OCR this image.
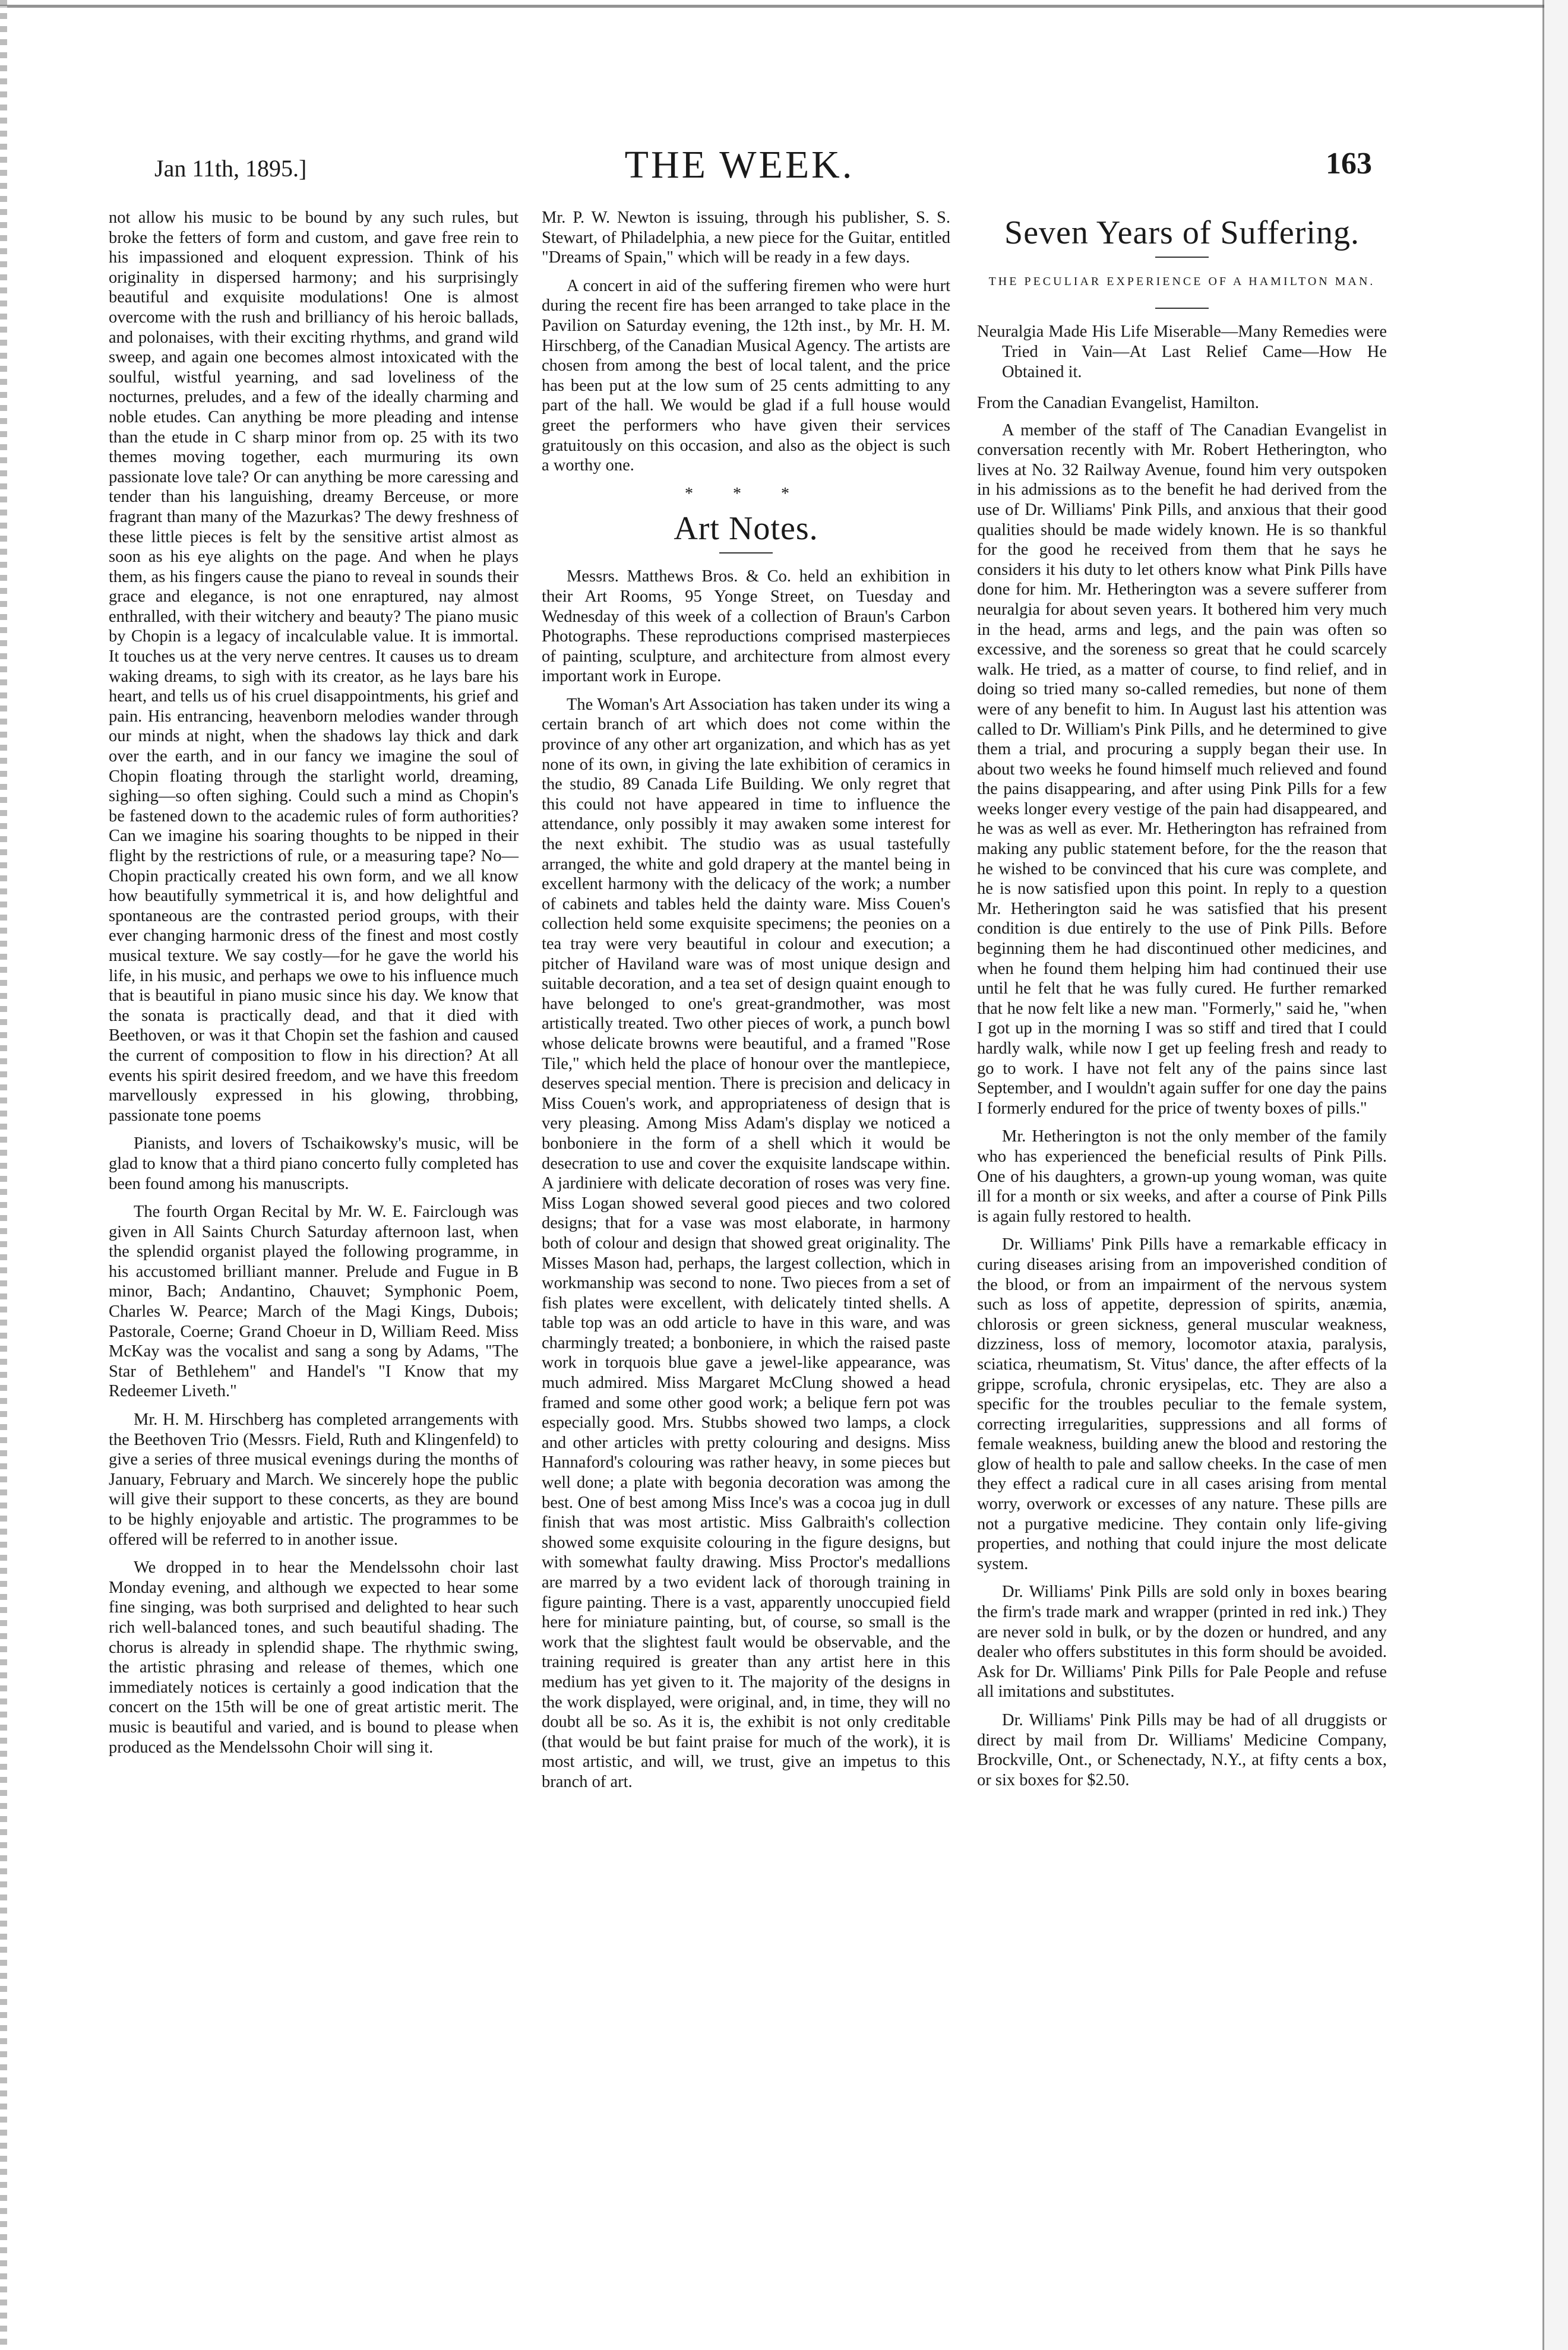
Jan 11th, 1895.]	THE WEEK.	163

not allow his music to be bound by any such rules, but broke the fetters of form and custom, and gave free rein to his impassioned and eloquent expression. Think of his originality in dispersed harmony; and his surprisingly beautiful and exquisite modulations! One is almost overcome with the rush and brilliancy of his heroic ballads, and polonaises, with their exciting rhythms, and grand wild sweep, and again one becomes almost intoxicated with the soulful, wistful yearning, and sad loveliness of the nocturnes, preludes, and a few of the ideally charming and noble etudes. Can anything be more pleading and intense than the etude in C sharp minor from op. 25 with its two themes moving together, each murmuring its own passionate love tale? Or can anything be more caressing and tender than his languishing, dreamy Berceuse, or more fragrant than many of the Mazurkas? The dewy freshness of these little pieces is felt by the sensitive artist almost as soon as his eye alights on the page. And when he plays them, as his fingers cause the piano to reveal in sounds their grace and elegance, is not one enraptured, nay almost enthralled, with their witchery and beauty? The piano music by Chopin is a legacy of incalculable value. It is immortal. It touches us at the very nerve centres. It causes us to dream waking dreams, to sigh with its creator, as he lays bare his heart, and tells us of his cruel disappointments, his grief and pain. His entrancing, heavenborn melodies wander through our minds at night, when the shadows lay thick and dark over the earth, and in our fancy we imagine the soul of Chopin floating through the starlight world, dreaming, sighing—so often sighing. Could such a mind as Chopin's be fastened down to the academic rules of form authorities? Can we imagine his soaring thoughts to be nipped in their flight by the restrictions of rule, or a measuring tape? No—Chopin practically created his own form, and we all know how beautifully symmetrical it is, and how delightful and spontaneous are the contrasted period groups, with their ever changing harmonic dress of the finest and most costly musical texture. We say costly—for he gave the world his life, in his music, and perhaps we owe to his influence much that is beautiful in piano music since his day. We know that the sonata is practically dead, and that it died with Beethoven, or was it that Chopin set the fashion and caused the current of composition to flow in his direction? At all events his spirit desired freedom, and we have this freedom marvellously expressed in his glowing, throbbing, passionate tone poems

Pianists, and lovers of Tschaikowsky's music, will be glad to know that a third piano concerto fully completed has been found among his manuscripts.

The fourth Organ Recital by Mr. W. E. Fairclough was given in All Saints Church Saturday afternoon last, when the splendid organist played the following programme, in his accustomed brilliant manner. Prelude and Fugue in B minor, Bach; Andantino, Chauvet; Symphonic Poem, Charles W. Pearce; March of the Magi Kings, Dubois; Pastorale, Coerne; Grand Choeur in D, William Reed. Miss McKay was the vocalist and sang a song by Adams, "The Star of Bethlehem" and Handel's "I Know that my Redeemer Liveth."

Mr. H. M. Hirschberg has completed arrangements with the Beethoven Trio (Messrs. Field, Ruth and Klingenfeld) to give a series of three musical evenings during the months of January, February and March. We sincerely hope the public will give their support to these concerts, as they are bound to be highly enjoyable and artistic. The programmes to be offered will be referred to in another issue.

We dropped in to hear the Mendelssohn choir last Monday evening, and although we expected to hear some fine singing, was both surprised and delighted to hear such rich well-balanced tones, and such beautiful shading. The chorus is already in splendid shape. The rhythmic swing, the artistic phrasing and release of themes, which one immediately notices is certainly a good indication that the concert on the 15th will be one of great artistic merit. The music is beautiful and varied, and is bound to please when produced as the Mendelssohn Choir will sing it.

Mr. P. W. Newton is issuing, through his publisher, S. S. Stewart, of Philadelphia, a new piece for the Guitar, entitled "Dreams of Spain," which will be ready in a few days.

A concert in aid of the suffering firemen who were hurt during the recent fire has been arranged to take place in the Pavilion on Saturday evening, the 12th inst., by Mr. H. M. Hirschberg, of the Canadian Musical Agency. The artists are chosen from among the best of local talent, and the price has been put at the low sum of 25 cents admitting to any part of the hall. We would be glad if a full house would greet the performers who have given their services gratuitously on this occasion, and also as the object is such a worthy one.

* * *
Art Notes.

Messrs. Matthews Bros. & Co. held an exhibition in their Art Rooms, 95 Yonge Street, on Tuesday and Wednesday of this week of a collection of Braun's Carbon Photographs. These reproductions comprised masterpieces of painting, sculpture, and architecture from almost every important work in Europe.

The Woman's Art Association has taken under its wing a certain branch of art which does not come within the province of any other art organization, and which has as yet none of its own, in giving the late exhibition of ceramics in the studio, 89 Canada Life Building. We only regret that this could not have appeared in time to influence the attendance, only possibly it may awaken some interest for the next exhibit. The studio was as usual tastefully arranged, the white and gold drapery at the mantel being in excellent harmony with the delicacy of the work; a number of cabinets and tables held the dainty ware. Miss Couen's collection held some exquisite specimens; the peonies on a tea tray were very beautiful in colour and execution; a pitcher of Haviland ware was of most unique design and suitable decoration, and a tea set of design quaint enough to have belonged to one's great-grandmother, was most artistically treated. Two other pieces of work, a punch bowl whose delicate browns were beautiful, and a framed "Rose Tile," which held the place of honour over the mantlepiece, deserves special mention. There is precision and delicacy in Miss Couen's work, and appropriateness of design that is very pleasing. Among Miss Adam's display we noticed a bonboniere in the form of a shell which it would be desecration to use and cover the exquisite landscape within. A jardiniere with delicate decoration of roses was very fine. Miss Logan showed several good pieces and two colored designs; that for a vase was most elaborate, in harmony both of colour and design that showed great originality. The Misses Mason had, perhaps, the largest collection, which in workmanship was second to none. Two pieces from a set of fish plates were excellent, with delicately tinted shells. A table top was an odd article to have in this ware, and was charmingly treated; a bonboniere, in which the raised paste work in torquois blue gave a jewel-like appearance, was much admired. Miss Margaret McClung showed a head framed and some other good work; a belique fern pot was especially good. Mrs. Stubbs showed two lamps, a clock and other articles with pretty colouring and designs. Miss Hannaford's colouring was rather heavy, in some pieces but well done; a plate with begonia decoration was among the best. One of best among Miss Ince's was a cocoa jug in dull finish that was most artistic. Miss Galbraith's collection showed some exquisite colouring in the figure designs, but with somewhat faulty drawing. Miss Proctor's medallions are marred by a two evident lack of thorough training in figure painting. There is a vast, apparently unoccupied field here for miniature painting, but, of course, so small is the work that the slightest fault would be observable, and the training required is greater than any artist here in this medium has yet given to it. The majority of the designs in the work displayed, were original, and, in time, they will no doubt all be so. As it is, the exhibit is not only creditable (that would be but faint praise for much of the work), it is most artistic, and will, we trust, give an impetus to this branch of art.

Seven Years of Suffering.
THE PECULIAR EXPERIENCE OF A HAMILTON MAN.
Neuralgia Made His Life Miserable—Many Remedies were Tried in Vain—At Last Relief Came—How He Obtained it.
From the Canadian Evangelist, Hamilton.

A member of the staff of The Canadian Evangelist in conversation recently with Mr. Robert Hetherington, who lives at No. 32 Railway Avenue, found him very outspoken in his admissions as to the benefit he had derived from the use of Dr. Williams' Pink Pills, and anxious that their good qualities should be made widely known. He is so thankful for the good he received from them that he says he considers it his duty to let others know what Pink Pills have done for him. Mr. Hetherington was a severe sufferer from neuralgia for about seven years. It bothered him very much in the head, arms and legs, and the pain was often so excessive, and the soreness so great that he could scarcely walk. He tried, as a matter of course, to find relief, and in doing so tried many so-called remedies, but none of them were of any benefit to him. In August last his attention was called to Dr. William's Pink Pills, and he determined to give them a trial, and procuring a supply began their use. In about two weeks he found himself much relieved and found the pains disappearing, and after using Pink Pills for a few weeks longer every vestige of the pain had disappeared, and he was as well as ever. Mr. Hetherington has refrained from making any public statement before, for the the reason that he wished to be convinced that his cure was complete, and he is now satisfied upon this point. In reply to a question Mr. Hetherington said he was satisfied that his present condition is due entirely to the use of Pink Pills. Before beginning them he had discontinued other medicines, and when he found them helping him had continued their use until he felt that he was fully cured. He further remarked that he now felt like a new man. "Formerly," said he, "when I got up in the morning I was so stiff and tired that I could hardly walk, while now I get up feeling fresh and ready to go to work. I have not felt any of the pains since last September, and I wouldn't again suffer for one day the pains I formerly endured for the price of twenty boxes of pills."

Mr. Hetherington is not the only member of the family who has experienced the beneficial results of Pink Pills. One of his daughters, a grown-up young woman, was quite ill for a month or six weeks, and after a course of Pink Pills is again fully restored to health.

Dr. Williams' Pink Pills have a remarkable efficacy in curing diseases arising from an impoverished condition of the blood, or from an impairment of the nervous system such as loss of appetite, depression of spirits, anæmia, chlorosis or green sickness, general muscular weakness, dizziness, loss of memory, locomotor ataxia, paralysis, sciatica, rheumatism, St. Vitus' dance, the after effects of la grippe, scrofula, chronic erysipelas, etc. They are also a specific for the troubles peculiar to the female system, correcting irregularities, suppressions and all forms of female weakness, building anew the blood and restoring the glow of health to pale and sallow cheeks. In the case of men they effect a radical cure in all cases arising from mental worry, overwork or excesses of any nature. These pills are not a purgative medicine. They contain only life-giving properties, and nothing that could injure the most delicate system.

Dr. Williams' Pink Pills are sold only in boxes bearing the firm's trade mark and wrapper (printed in red ink.) They are never sold in bulk, or by the dozen or hundred, and any dealer who offers substitutes in this form should be avoided. Ask for Dr. Williams' Pink Pills for Pale People and refuse all imitations and substitutes.

Dr. Williams' Pink Pills may be had of all druggists or direct by mail from Dr. Williams' Medicine Company, Brockville, Ont., or Schenectady, N.Y., at fifty cents a box, or six boxes for $2.50.
